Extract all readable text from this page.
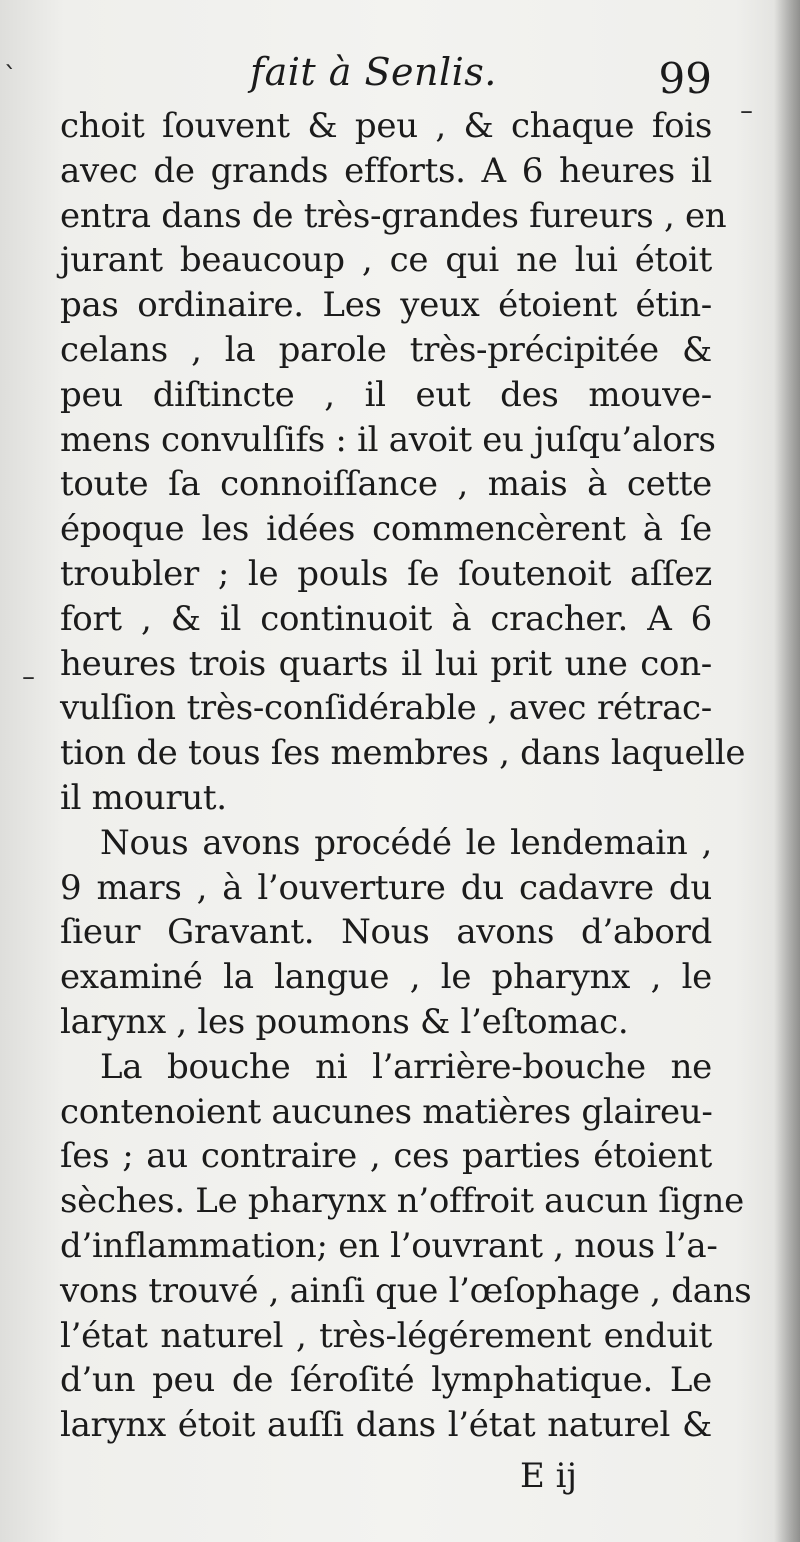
ˋ
–
–
fait à Senlis.	99
choit ſouvent & peu , & chaque fois
avec de grands efforts. A 6 heures il
entra dans de très-grandes fureurs , en
jurant beaucoup , ce qui ne lui étoit
pas ordinaire. Les yeux étoient étin-
celans , la parole très-précipitée &
peu diſtincte , il eut des mouve-
mens convulſifs : il avoit eu juſqu’alors
toute ſa connoiſſance , mais à cette
époque les idées commencèrent à ſe
troubler ; le pouls ſe ſoutenoit aſſez
fort , & il continuoit à cracher. A 6
heures trois quarts il lui prit une con-
vulſion très-conſidérable , avec rétrac-
tion de tous ſes membres , dans laquelle
il mourut.
Nous avons procédé le lendemain ,
9 mars , à l’ouverture du cadavre du
ſieur Gravant. Nous avons d’abord
examiné la langue , le pharynx , le
larynx , les poumons & l’eſtomac.
La bouche ni l’arrière-bouche ne
contenoient aucunes matières glaireu-
ſes ; au contraire , ces parties étoient
sèches. Le pharynx n’offroit aucun ſigne
d’inflammation; en l’ouvrant , nous l’a-
vons trouvé , ainſi que l’œſophage , dans
l’état naturel , très-légérement enduit
d’un peu de ſéroſité lymphatique. Le
larynx étoit auſſi dans l’état naturel &
E ij
